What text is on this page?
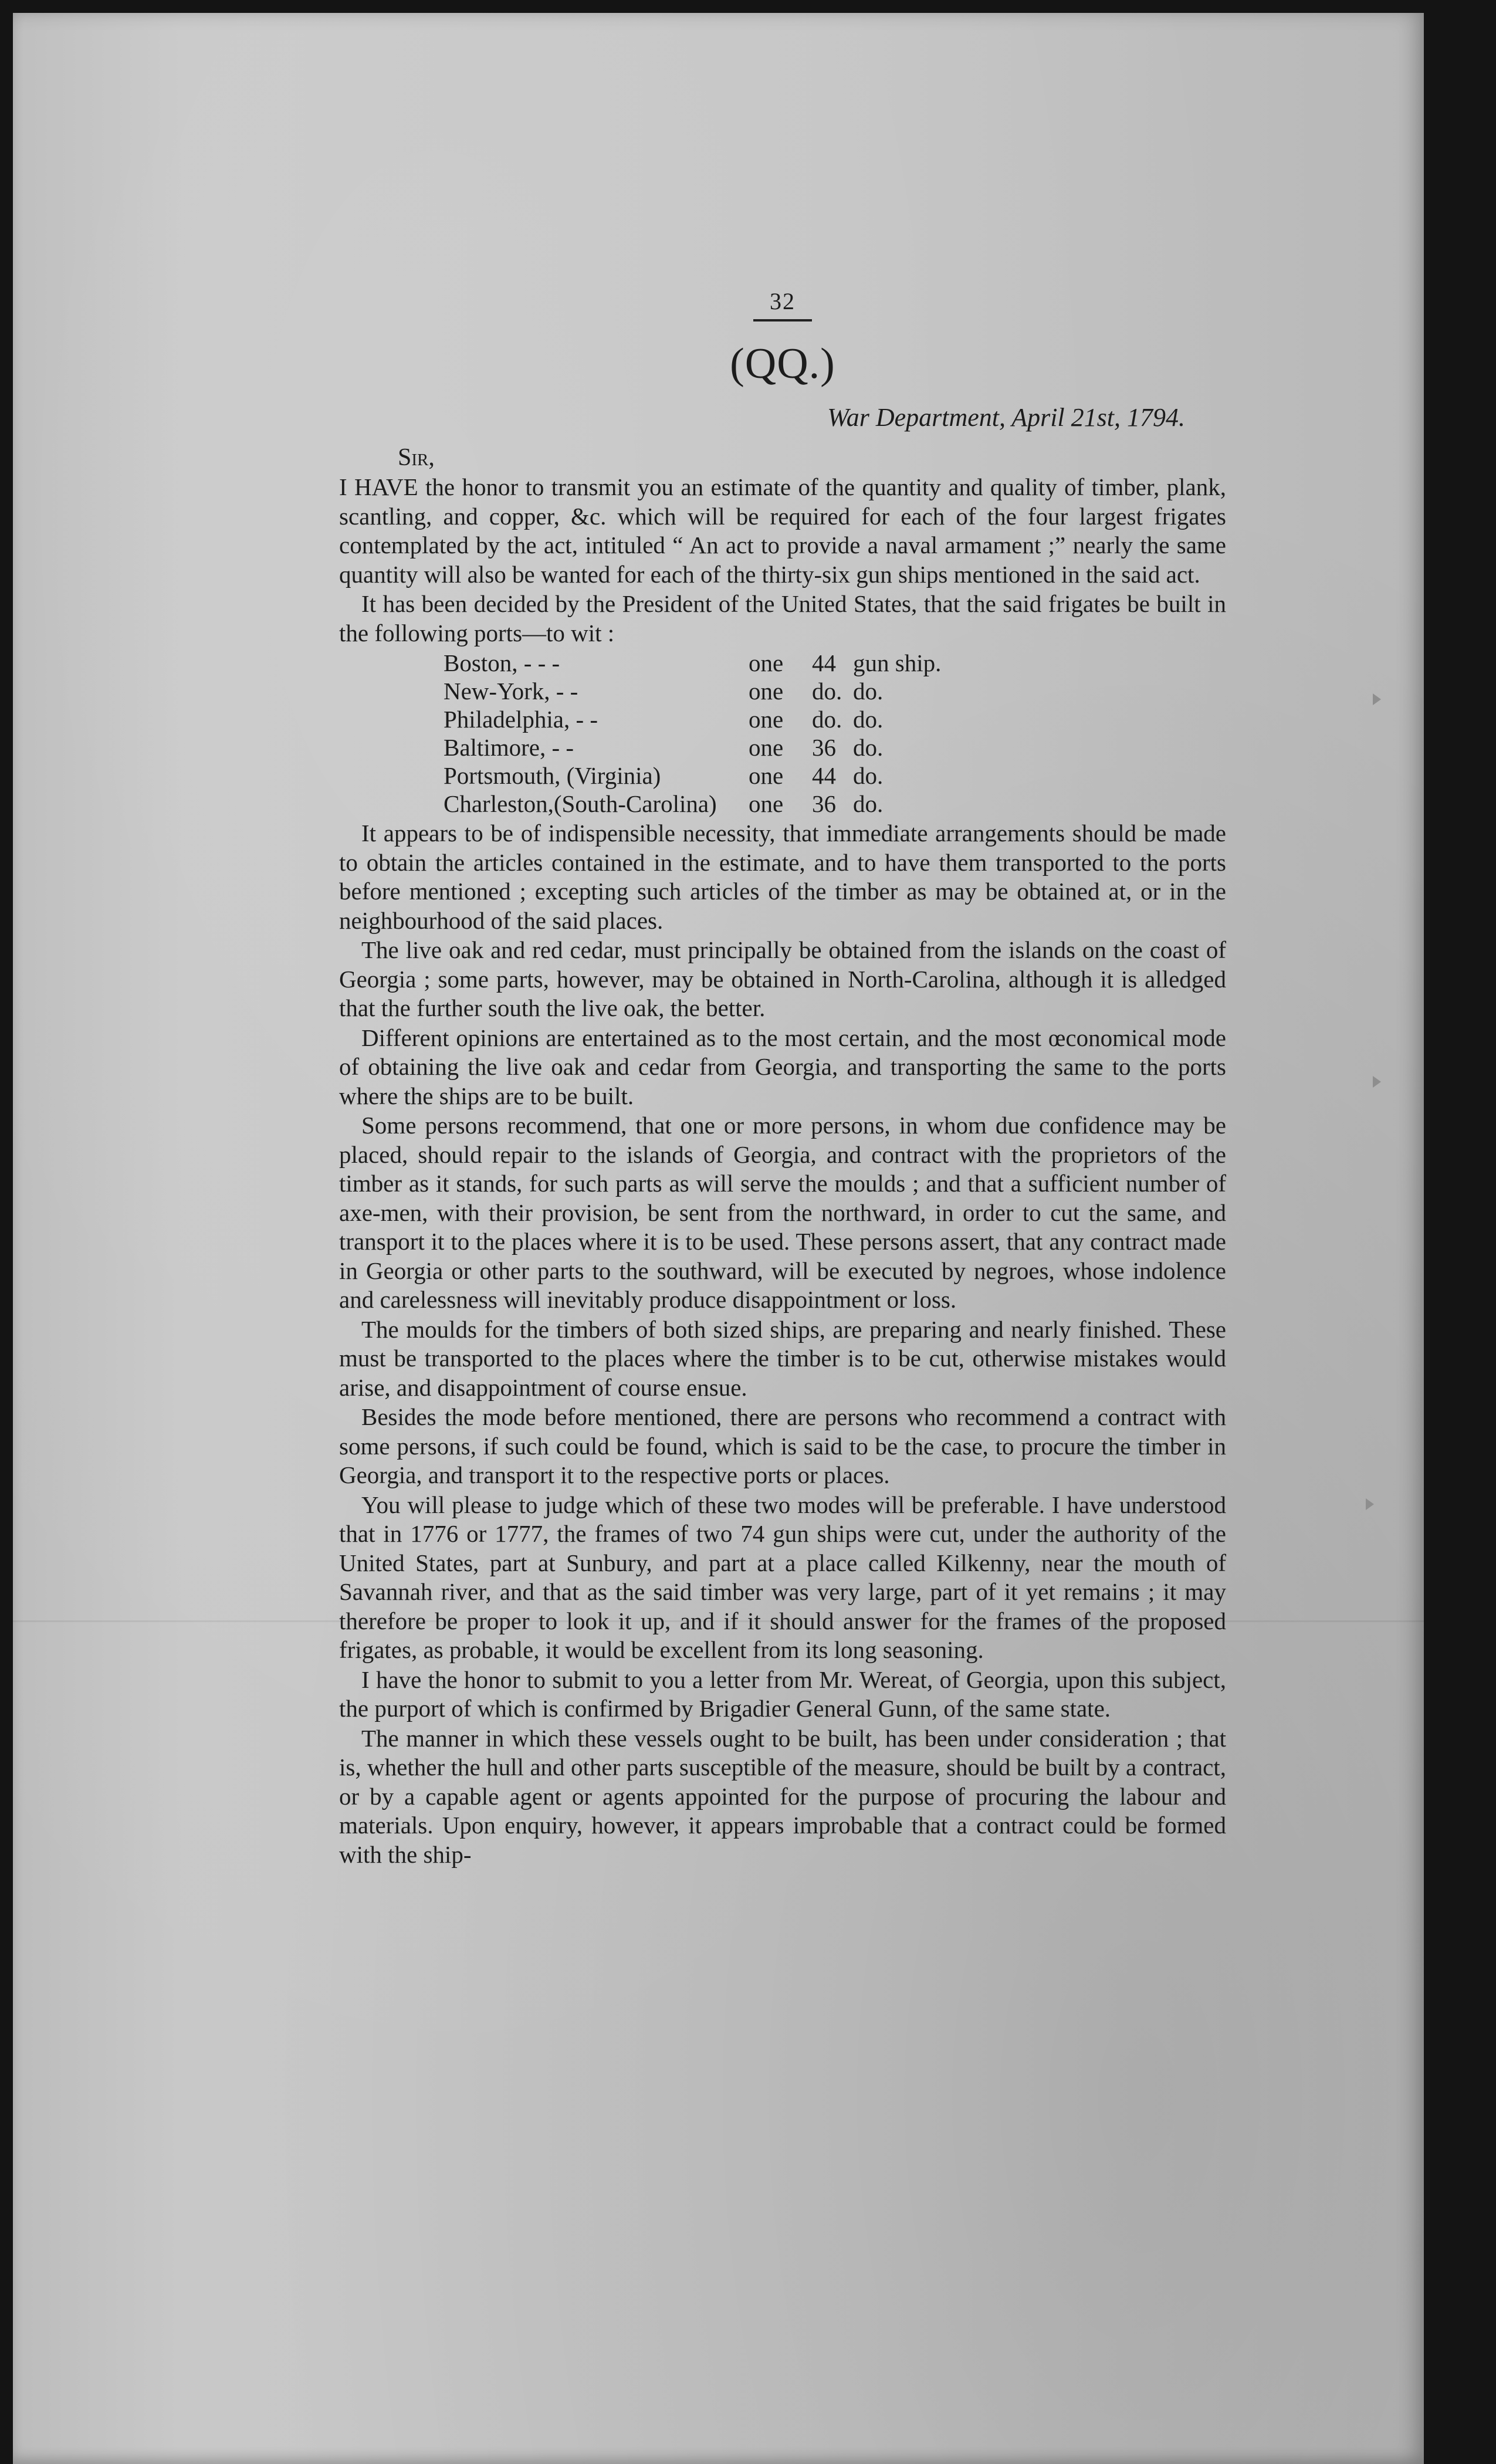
32
(QQ.)
War Department, April 21st, 1794.
Sir,

I HAVE the honor to transmit you an estimate of the quantity and quality of timber, plank, scantling, and copper, &c. which will be required for each of the four largest frigates contemplated by the act, intituled “ An act to provide a naval armament ;” nearly the same quantity will also be wanted for each of the thirty-six gun ships mentioned in the said act.

It has been decided by the President of the United States, that the said frigates be built in the following ports—to wit :

Boston, - - -	one	44	gun ship.
New-York, - -	one	do.	do.
Philadelphia, - -	one	do.	do.
Baltimore, - -	one	36	do.
Portsmouth, (Virginia)	one	44	do.
Charleston,(South-Carolina)	one	36	do.

It appears to be of indispensible necessity, that immediate arrangements should be made to obtain the articles contained in the estimate, and to have them transported to the ports before mentioned ; excepting such articles of the timber as may be obtained at, or in the neighbourhood of the said places.

The live oak and red cedar, must principally be obtained from the islands on the coast of Georgia ; some parts, however, may be obtained in North-Carolina, although it is alledged that the further south the live oak, the better.

Different opinions are entertained as to the most certain, and the most œconomical mode of obtaining the live oak and cedar from Georgia, and transporting the same to the ports where the ships are to be built.

Some persons recommend, that one or more persons, in whom due confidence may be placed, should repair to the islands of Georgia, and contract with the proprietors of the timber as it stands, for such parts as will serve the moulds ; and that a sufficient number of axe-men, with their provision, be sent from the northward, in order to cut the same, and transport it to the places where it is to be used. These persons assert, that any contract made in Georgia or other parts to the southward, will be executed by negroes, whose indolence and carelessness will inevitably produce disappointment or loss.

The moulds for the timbers of both sized ships, are preparing and nearly finished. These must be transported to the places where the timber is to be cut, otherwise mistakes would arise, and disappointment of course ensue.

Besides the mode before mentioned, there are persons who recommend a contract with some persons, if such could be found, which is said to be the case, to procure the timber in Georgia, and transport it to the respective ports or places.

You will please to judge which of these two modes will be preferable. I have understood that in 1776 or 1777, the frames of two 74 gun ships were cut, under the authority of the United States, part at Sunbury, and part at a place called Kilkenny, near the mouth of Savannah river, and that as the said timber was very large, part of it yet remains ; it may therefore be proper to look it up, and if it should answer for the frames of the proposed frigates, as probable, it would be excellent from its long seasoning.

I have the honor to submit to you a letter from Mr. Wereat, of Georgia, upon this subject, the purport of which is confirmed by Brigadier General Gunn, of the same state.

The manner in which these vessels ought to be built, has been under consideration ; that is, whether the hull and other parts susceptible of the measure, should be built by a contract, or by a capable agent or agents appointed for the purpose of procuring the labour and materials. Upon enquiry, however, it appears improbable that a contract could be formed with the ship-
